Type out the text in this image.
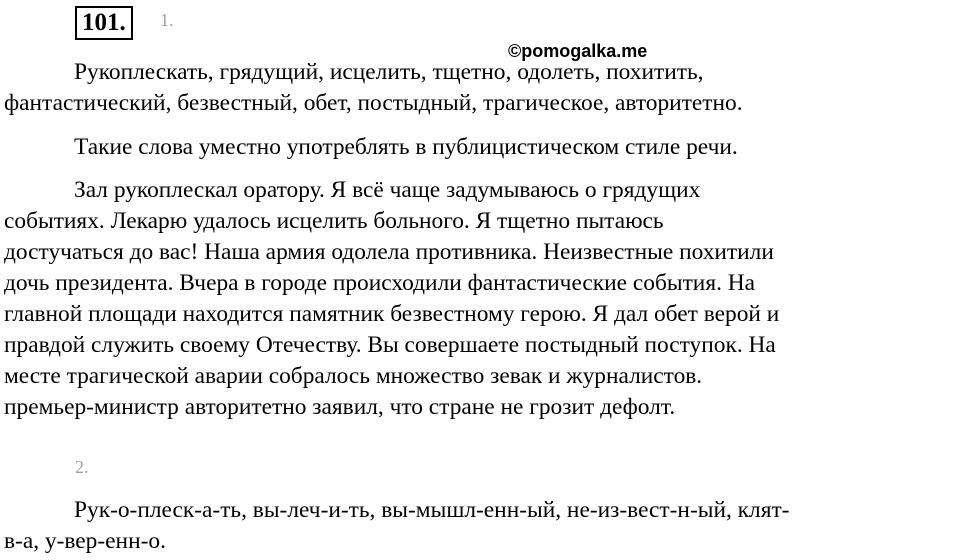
101.	1.
©pomogalka.me
Рукоплескать, грядущий, исцелить, тщетно, одолеть, похитить,
фантастический, безвестный, обет, постыдный, трагическое, авторитетно.
Такие слова уместно употреблять в публицистическом стиле речи.
Зал рукоплескал оратору. Я всё чаще задумываюсь о грядущих
событиях. Лекарю удалось исцелить больного. Я тщетно пытаюсь
достучаться до вас! Наша армия одолела противника. Неизвестные похитили
дочь президента. Вчера в городе происходили фантастические события. На
главной площади находится памятник безвестному герою. Я дал обет верой и
правдой служить своему Отечеству. Вы совершаете постыдный поступок. На
месте трагической аварии собралось множество зевак и журналистов.
премьер-министр авторитетно заявил, что стране не грозит дефолт.
2.
Рук-о-плеск-а-ть, вы-леч-и-ть, вы-мышл-енн-ый, не-из-вест-н-ый, клят-
в-а, у-вер-енн-о.
